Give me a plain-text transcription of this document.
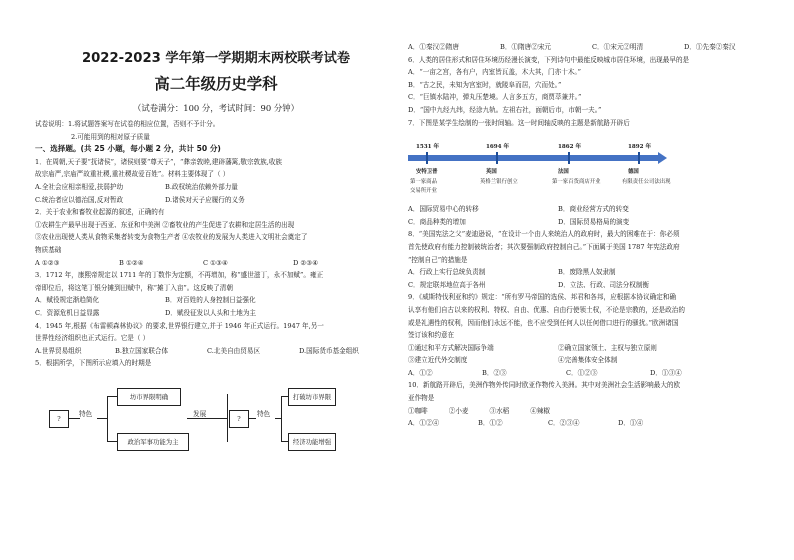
2022-2023 学年第一学期期末两校联考试卷
高二年级历史学科
（试卷满分：100 分，考试时间：90 分钟）
试卷说明：1.将试题答案写在试卷的相应位置，否则不予计分。
2.可能用到的相对原子质量
一、选择题。(共 25 小题，每小题 2 分，共计 50 分)
1．在周朝,天子要“抚诸侯”，诸侯则要“尊天子”，“彝亲敦睦,建辟藩篱,敬宗敦族,收族
故宗庙严,宗庙严故重社稷,重社稷故爱百姓”。材料主要体现了（ ）
A.全社会应相亲相爱,扶弱护幼	B.政权统治依赖外部力量
C.统治者应以德治国,反对暂政	D.诸侯对天子应履行的义务
2．关于农业和畜牧业起源的叙述，正确的有
①农耕生产最早出现于西亚、东亚和中美洲 ②畜牧业的产生促进了农耕和定居生活的出现
③农业出现使人类从食物采集者转变为食物生产者 ④农牧业的发展为人类进入文明社会奠定了
物质基础
A ①②③	B ①②④	C ①③④	D ②③④
3．1712 年，康熙帝规定以 1711 年的丁数作为定额，不再增加，称“盛世滋丁，永不加赋”。雍正
帝即位后，将这笔丁银分摊到田赋中，称“摊丁入亩”。这反映了清朝
A．赋役规定渐趋简化	B．对百姓的人身控制日益强化
C．资源危机日益显露	D．赋役征发以人头和土地为主
4．1945 年,根据《布雷顿森林协议》的要求,世界银行建立,并于 1946 年正式运行。1947 年,另一
世界性经济组织也正式运行。它是（ ）
A.世界贸易组织	B.独立国家联合体	C.北美自由贸易区	D.国际货币基金组织
5．根据所学，下图所示应填入的时期是
?
特色
坊市界限明确
政治军事功能为主
发展
?
特色
打破坊市界限
经济功能增强
A．①秦汉②隋唐	B．①隋唐②宋元	C．①宋元②明清	D．①先秦②秦汉
6．人类的居住形式和居住环境历经漫长演变，下列诗句中最能反映城市居住环境，出现最早的是
A．“一亩之宫，各有户，内室皆瓦盖，木大其，门亦十木。”
B．“古之民，未知为宫室时，就陵阜而居，穴而处。”
C．“巨镇水陆冲，弹丸压楚境。人言多五方，商贾萃兼并。”
D．“国中九经九纬，经涂九轨。左祖右社，面朝后市，市朝一夫。”
7．下图是某学生绘制的一张时间轴。这一时间轴反映的主题是新航路开辟后
1531 年
安特卫普
第一家商品
交易所开业
1694 年
英国
英格兰银行创立
1862 年
法国
第一家百货商店开业
1892 年
德国
有限责任公司法出现
A．国际贸易中心的转移	B．商业经营方式的转变
C．商品种类的增加	D．国际贸易格局的演变
8．“美国宪法之父”麦迪逊说，“在设计一个由人来统治人的政府时，最大的困难在于：你必须
首先使政府有能力控制被统治者；其次要强制政府控制自己。”下面属于美国 1787 年宪法政府
“控制自己”的措施是
A．行政上实行总统负责制	B．废除黑人奴隶制
C．规定联邦地位高于各州	D．立法、行政、司法分权制衡
9．《威斯特伐利亚和约》规定：“所有罗马帝国的选侯、邦君和各邦，应根据本协议确定和确
认享有他们自古以来的权利、特权、自由、优惠、自由行使领土权，不论是宗教的，还是政治的
或是礼遇性的权利，因而他们永远不能，也不应受到任何人以任何借口进行的骚扰。”欧洲诸国
签订该和约意在
①通过和平方式解决国际争端	②确立国家领土、主权与独立原则
③建立近代外交制度	④完善集体安全体制
A．①②	B．②③	C．①②③	D．①③④
10．新航路开辟后，美洲作物外传同时欧亚作物传入美洲。其中对美洲社会生活影响最大的欧
亚作物是
①咖啡          ②小麦          ③水稻          ④辣椒
A．①②④	B．①②	C．②③④	D．①④
